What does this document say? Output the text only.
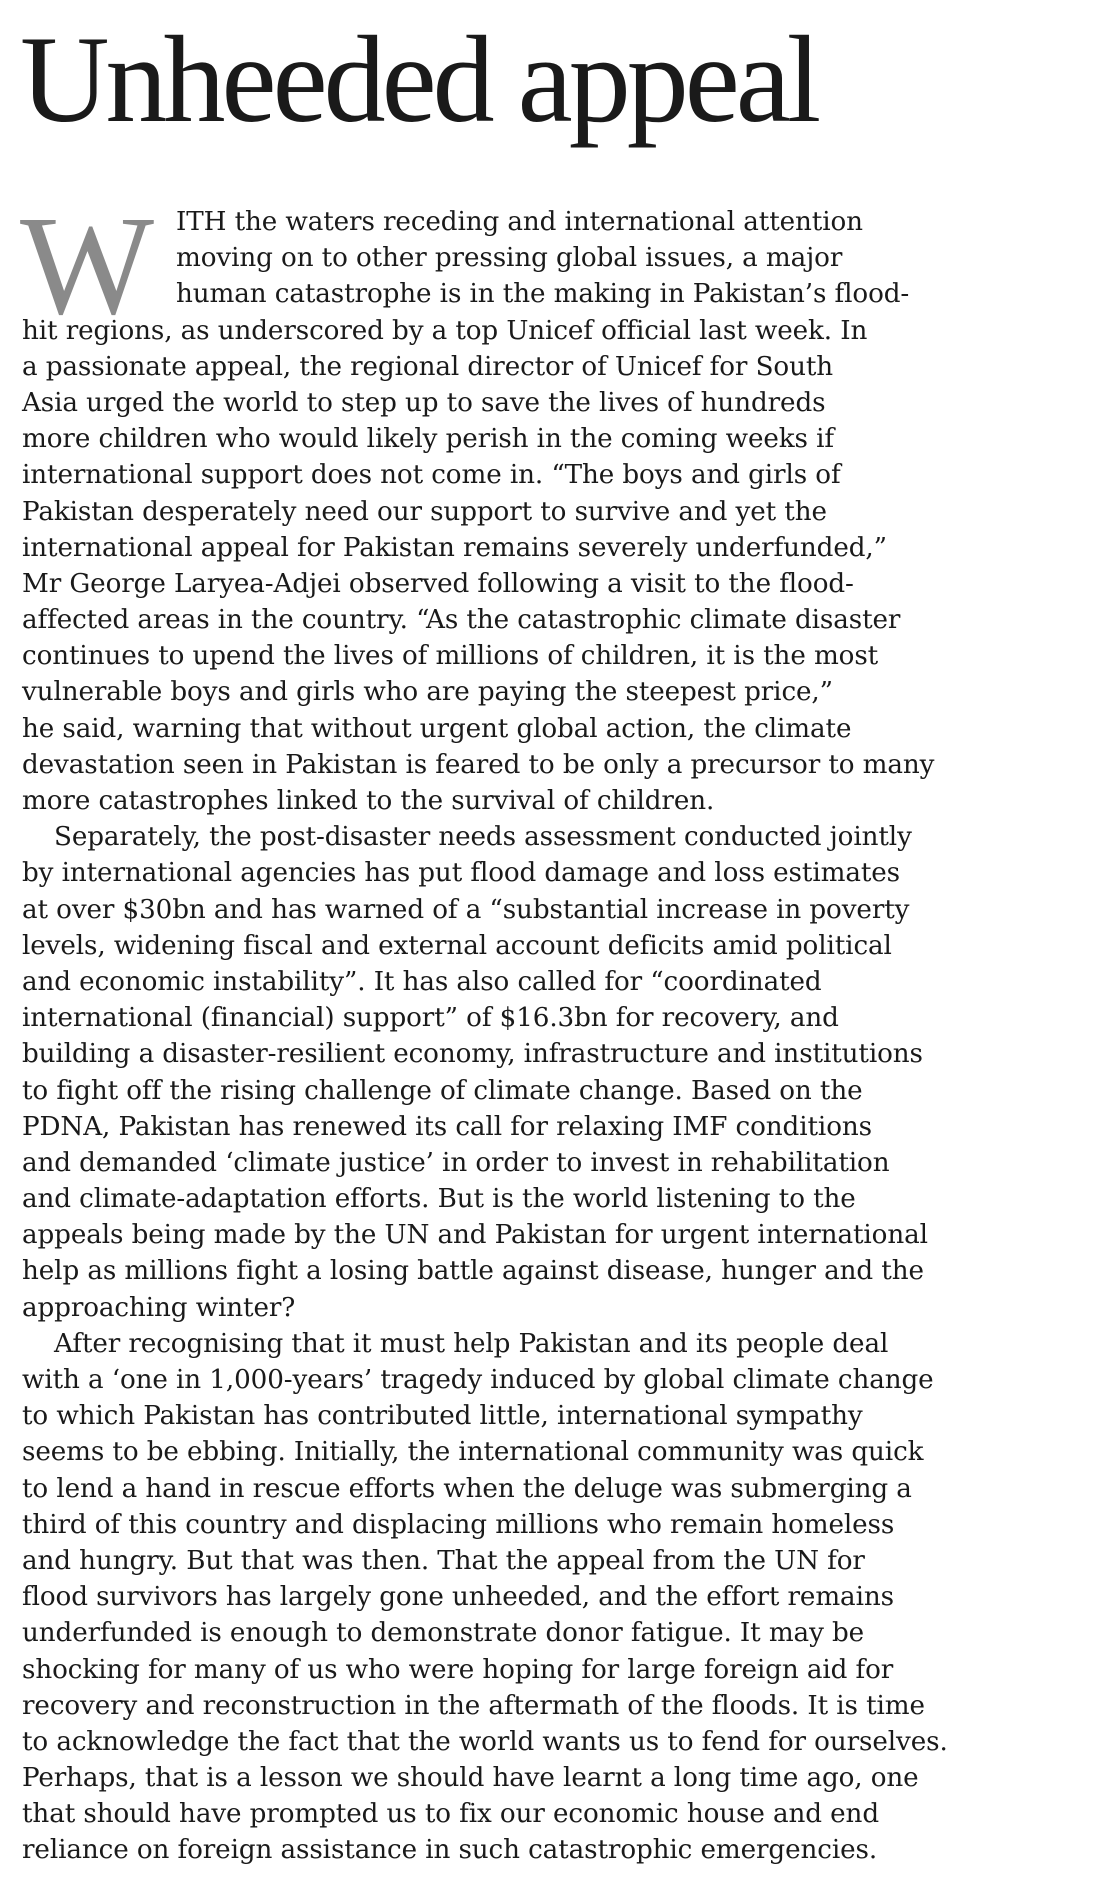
Unheeded appeal
W	ITH the waters receding and international attention
moving on to other pressing global issues, a major
human catastrophe is in the making in Pakistan’s flood-
hit regions, as underscored by a top Unicef official last week. In
a passionate appeal, the regional director of Unicef for South
Asia urged the world to step up to save the lives of hundreds
more children who would likely perish in the coming weeks if
international support does not come in. “The boys and girls of
Pakistan desperately need our support to survive and yet the
international appeal for Pakistan remains severely underfunded,”
Mr George Laryea-Adjei observed following a visit to the flood-
affected areas in the country. “As the catastrophic climate disaster
continues to upend the lives of millions of children, it is the most
vulnerable boys and girls who are paying the steepest price,”
he said, warning that without urgent global action, the climate
devastation seen in Pakistan is feared to be only a precursor to many
more catastrophes linked to the survival of children.
Separately, the post-disaster needs assessment conducted jointly
by international agencies has put flood damage and loss estimates
at over $30bn and has warned of a “substantial increase in poverty
levels, widening fiscal and external account deficits amid political
and economic instability”. It has also called for “coordinated
international (financial) support” of $16.3bn for recovery, and
building a disaster-resilient economy, infrastructure and institutions
to fight off the rising challenge of climate change. Based on the
PDNA, Pakistan has renewed its call for relaxing IMF conditions
and demanded ‘climate justice’ in order to invest in rehabilitation
and climate-adaptation efforts. But is the world listening to the
appeals being made by the UN and Pakistan for urgent international
help as millions fight a losing battle against disease, hunger and the
approaching winter?
After recognising that it must help Pakistan and its people deal
with a ‘one in 1,000-years’ tragedy induced by global climate change
to which Pakistan has contributed little, international sympathy
seems to be ebbing. Initially, the international community was quick
to lend a hand in rescue efforts when the deluge was submerging a
third of this country and displacing millions who remain homeless
and hungry. But that was then. That the appeal from the UN for
flood survivors has largely gone unheeded, and the effort remains
underfunded is enough to demonstrate donor fatigue. It may be
shocking for many of us who were hoping for large foreign aid for
recovery and reconstruction in the aftermath of the floods. It is time
to acknowledge the fact that the world wants us to fend for ourselves.
Perhaps, that is a lesson we should have learnt a long time ago, one
that should have prompted us to fix our economic house and end
reliance on foreign assistance in such catastrophic emergencies.
